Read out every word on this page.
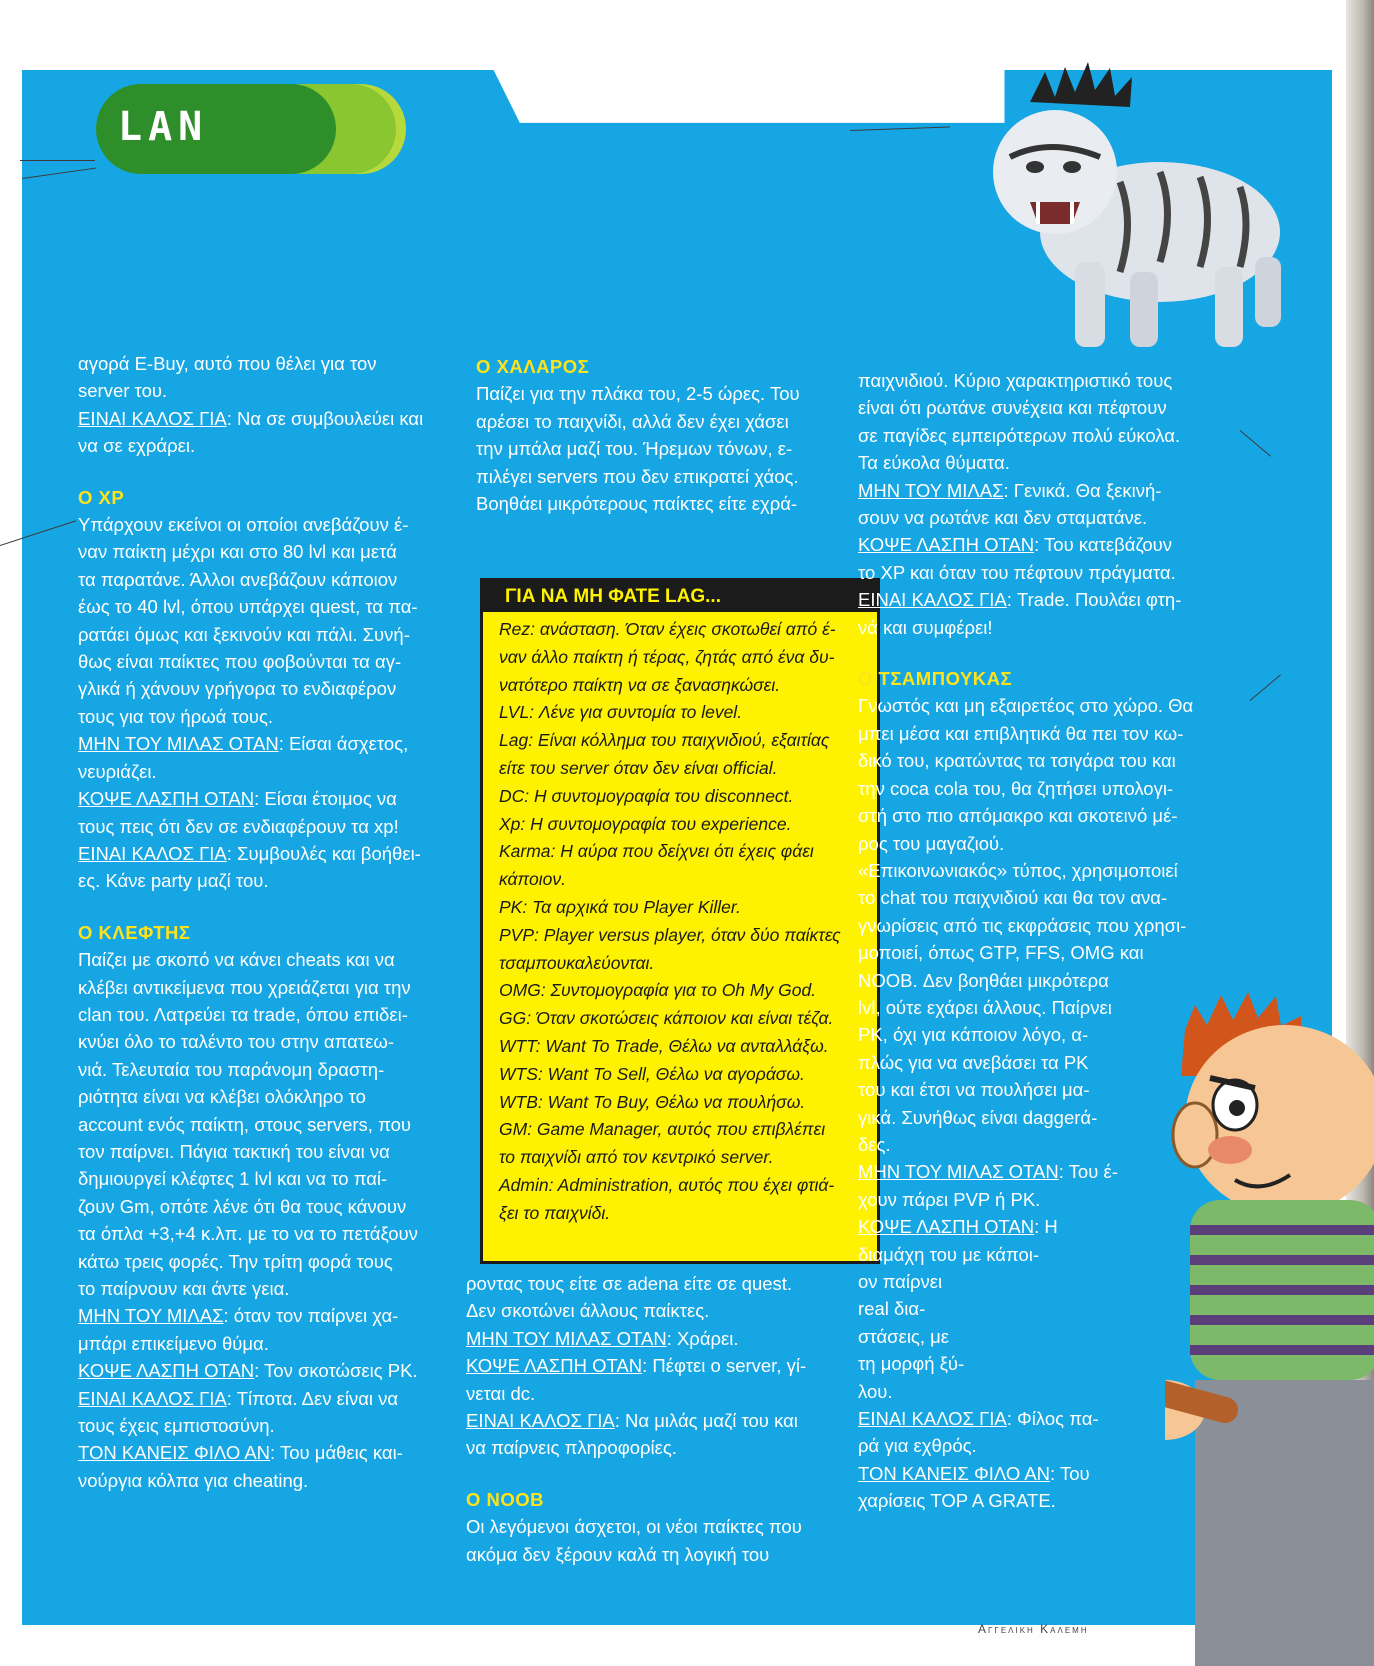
LAN

αγορά E-Buy, αυτό που θέλει για τον

server του.

ΕΙΝΑΙ ΚΑΛΟΣ ΓΙΑ: Να σε συμβουλεύει και

να σε εχράρει.

Ο XP

Υπάρχουν εκείνοι οι οποίοι ανεβάζουν έ-

ναν παίκτη μέχρι και στο 80 lvl και μετά

τα παρατάνε. Άλλοι ανεβάζουν κάποιον

έως το 40 lvl, όπου υπάρχει quest, τα πα-

ρατάει όμως και ξεκινούν και πάλι. Συνή-

θως είναι παίκτες που φοβούνται τα αγ-

γλικά ή χάνουν γρήγορα το ενδιαφέρον

τους για τον ήρωά τους.

ΜΗΝ ΤΟΥ ΜΙΛΑΣ ΟΤΑΝ: Είσαι άσχετος,

νευριάζει.

ΚΟΨΕ ΛΑΣΠΗ ΟΤΑΝ: Είσαι έτοιμος να

τους πεις ότι δεν σε ενδιαφέρουν τα xp!

ΕΙΝΑΙ ΚΑΛΟΣ ΓΙΑ: Συμβουλές και βοήθει-

ες. Κάνε party μαζί του.

Ο ΚΛΕΦΤΗΣ

Παίζει με σκοπό να κάνει cheats και να

κλέβει αντικείμενα που χρειάζεται για την

clan του. Λατρεύει τα trade, όπου επιδει-

κνύει όλο το ταλέντο του στην απατεω-

νιά. Τελευταία του παράνομη δραστη-

ριότητα είναι να κλέβει ολόκληρο το

account ενός παίκτη, στους servers, που

τον παίρνει. Πάγια τακτική του είναι να

δημιουργεί κλέφτες 1 lvl και να το παί-

ζουν Gm, οπότε λένε ότι θα τους κάνουν

τα όπλα +3,+4 κ.λπ. με το να το πετάξουν

κάτω τρεις φορές. Την τρίτη φορά τους

το παίρνουν και άντε γεια.

ΜΗΝ ΤΟΥ ΜΙΛΑΣ: όταν τον παίρνει χα-

μπάρι επικείμενο θύμα.

ΚΟΨΕ ΛΑΣΠΗ ΟΤΑΝ: Τον σκοτώσεις PK.

ΕΙΝΑΙ ΚΑΛΟΣ ΓΙΑ: Τίποτα. Δεν είναι να

τους έχεις εμπιστοσύνη.

ΤΟΝ ΚΑΝΕΙΣ ΦΙΛΟ ΑΝ: Του μάθεις και-

νούργια κόλπα για cheating.

Ο ΧΑΛΑΡΟΣ

Παίζει για την πλάκα του, 2-5 ώρες. Του

αρέσει το παιχνίδι, αλλά δεν έχει χάσει

την μπάλα μαζί του. Ήρεμων τόνων, ε-

πιλέγει servers που δεν επικρατεί χάος.

Βοηθάει μικρότερους παίκτες είτε εχρά-

ΓΙΑ ΝΑ ΜΗ ΦΑΤΕ LAG...

Rez: ανάσταση. Όταν έχεις σκοτωθεί από έ-

ναν άλλο παίκτη ή τέρας, ζητάς από ένα δυ-

νατότερο παίκτη να σε ξανασηκώσει.

LVL: Λένε για συντομία το level.

Lag: Είναι κόλλημα του παιχνιδιού, εξαιτίας

είτε του server όταν δεν είναι official.

DC: Η συντομογραφία του disconnect.

Xp: Η συντομογραφία του experience.

Karma: Η αύρα που δείχνει ότι έχεις φάει

κάποιον.

PK: Τα αρχικά του Player Killer.

PVP: Player versus player, όταν δύο παίκτες

τσαμπουκαλεύονται.

OMG: Συντομογραφία για το Oh My God.

GG: Όταν σκοτώσεις κάποιον και είναι τέζα.

WTT: Want To Trade, Θέλω να ανταλλάξω.

WTS: Want To Sell, Θέλω να αγοράσω.

WTB: Want To Buy, Θέλω να πουλήσω.

GM: Game Manager, αυτός που επιβλέπει

το παιχνίδι από τον κεντρικό server.

Admin: Administration, αυτός που έχει φτιά-

ξει το παιχνίδι.

ροντας τους είτε σε adena είτε σε quest.

Δεν σκοτώνει άλλους παίκτες.

ΜΗΝ ΤΟΥ ΜΙΛΑΣ ΟΤΑΝ: Χράρει.

ΚΟΨΕ ΛΑΣΠΗ ΟΤΑΝ: Πέφτει ο server, γί-

νεται dc.

ΕΙΝΑΙ ΚΑΛΟΣ ΓΙΑ: Να μιλάς μαζί του και

να παίρνεις πληροφορίες.

Ο NOOB

Οι λεγόμενοι άσχετοι, οι νέοι παίκτες που

ακόμα δεν ξέρουν καλά τη λογική του

παιχνιδιού. Κύριο χαρακτηριστικό τους

είναι ότι ρωτάνε συνέχεια και πέφτουν

σε παγίδες εμπειρότερων πολύ εύκολα.

Τα εύκολα θύματα.

ΜΗΝ ΤΟΥ ΜΙΛΑΣ: Γενικά. Θα ξεκινή-

σουν να ρωτάνε και δεν σταματάνε.

ΚΟΨΕ ΛΑΣΠΗ ΟΤΑΝ: Του κατεβάζουν

το XP και όταν του πέφτουν πράγματα.

ΕΙΝΑΙ ΚΑΛΟΣ ΓΙΑ: Trade. Πουλάει φτη-

νά και συμφέρει!

Ο ΤΣΑΜΠΟΥΚΑΣ

Γνωστός και μη εξαιρετέος στο χώρο. Θα

μπει μέσα και επιβλητικά θα πει τον κω-

δικό του, κρατώντας τα τσιγάρα του και

την coca cola του, θα ζητήσει υπολογι-

στή στο πιο απόμακρο και σκοτεινό μέ-

ρος του μαγαζιού.

«Επικοινωνιακός» τύπος, χρησιμοποιεί

το chat του παιχνιδιού και θα τον ανα-

γνωρίσεις από τις εκφράσεις που χρησι-

μοποιεί, όπως GTP, FFS, OMG και

NOOB. Δεν βοηθάει μικρότερα

lvl, ούτε εχάρει άλλους. Παίρνει

PK, όχι για κάποιον λόγο, α-

πλώς για να ανεβάσει τα PK

του και έτσι να πουλήσει μα-

γικά. Συνήθως είναι daggerά-

δες.

ΜΗΝ ΤΟΥ ΜΙΛΑΣ ΟΤΑΝ: Του έ-

χουν πάρει PVP ή PK.

ΚΟΨΕ ΛΑΣΠΗ ΟΤΑΝ: Η

διαμάχη του με κάποι-

ον παίρνει

real δια-

στάσεις, με

τη μορφή ξύ-

λου.

ΕΙΝΑΙ ΚΑΛΟΣ ΓΙΑ: Φίλος πα-

ρά για εχθρός.

ΤΟΝ ΚΑΝΕΙΣ ΦΙΛΟ ΑΝ: Του

χαρίσεις TOP A GRATE.

Αγγελικη Καλεμη
